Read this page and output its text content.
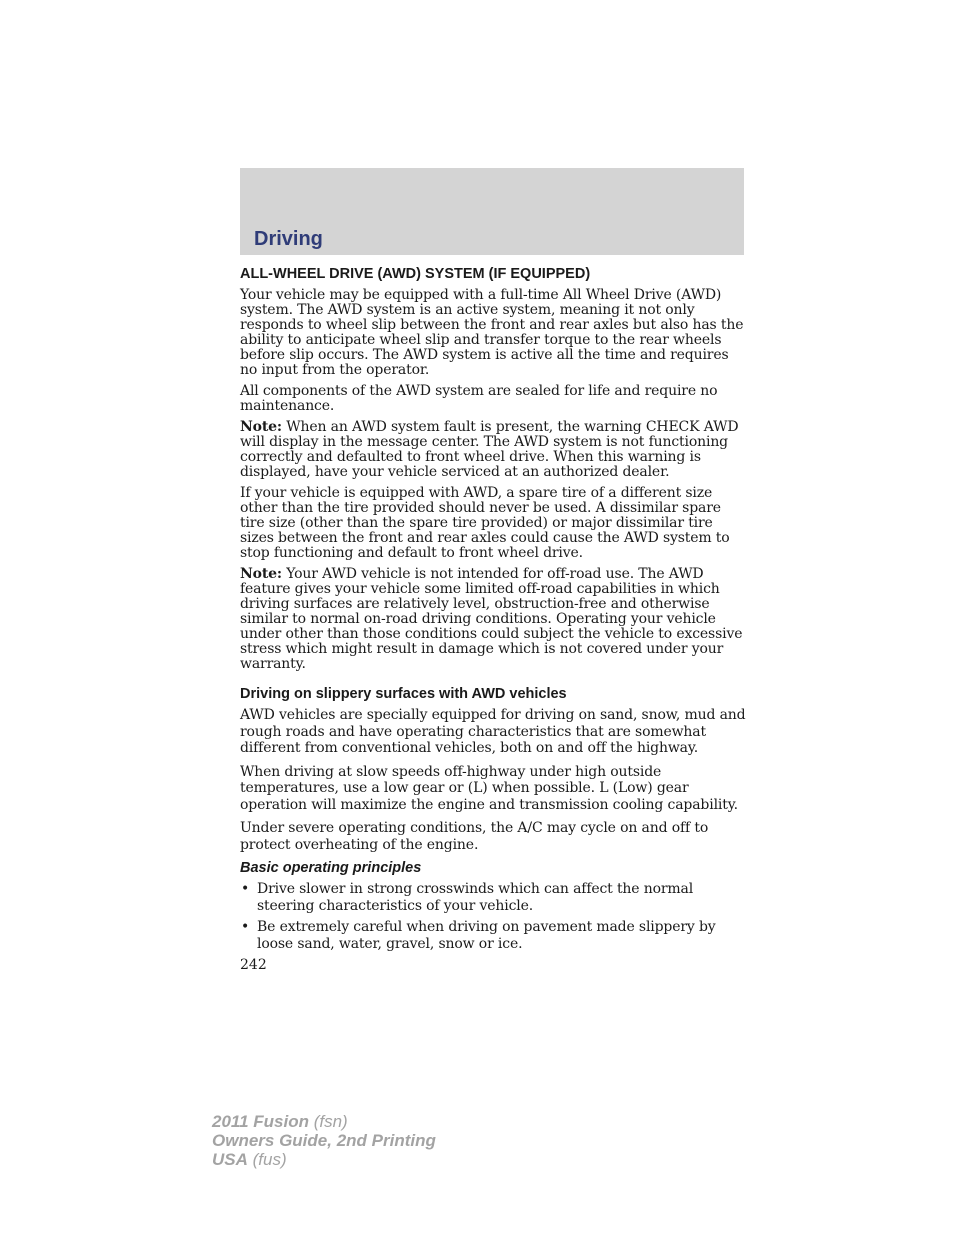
Driving
ALL-WHEEL DRIVE (AWD) SYSTEM (IF EQUIPPED)

Your vehicle may be equipped with a full-time All Wheel Drive (AWD) system. The AWD system is an active system, meaning it not only responds to wheel slip between the front and rear axles but also has the ability to anticipate wheel slip and transfer torque to the rear wheels before slip occurs. The AWD system is active all the time and requires no input from the operator.

All components of the AWD system are sealed for life and require no maintenance.

Note: When an AWD system fault is present, the warning CHECK AWD will display in the message center. The AWD system is not functioning correctly and defaulted to front wheel drive. When this warning is displayed, have your vehicle serviced at an authorized dealer.

If your vehicle is equipped with AWD, a spare tire of a different size other than the tire provided should never be used. A dissimilar spare tire size (other than the spare tire provided) or major dissimilar tire sizes between the front and rear axles could cause the AWD system to stop functioning and default to front wheel drive.

Note: Your AWD vehicle is not intended for off-road use. The AWD feature gives your vehicle some limited off-road capabilities in which driving surfaces are relatively level, obstruction-free and otherwise similar to normal on-road driving conditions. Operating your vehicle under other than those conditions could subject the vehicle to excessive stress which might result in damage which is not covered under your warranty.

Driving on slippery surfaces with AWD vehicles

AWD vehicles are specially equipped for driving on sand, snow, mud and rough roads and have operating characteristics that are somewhat different from conventional vehicles, both on and off the highway.

When driving at slow speeds off-highway under high outside temperatures, use a low gear or (L) when possible. L (Low) gear operation will maximize the engine and transmission cooling capability.

Under severe operating conditions, the A/C may cycle on and off to protect overheating of the engine.

Basic operating principles
• Drive slower in strong crosswinds which can affect the normal steering characteristics of your vehicle.
• Be extremely careful when driving on pavement made slippery by loose sand, water, gravel, snow or ice.
242
2011 Fusion (fsn)
Owners Guide, 2nd Printing
USA (fus)
